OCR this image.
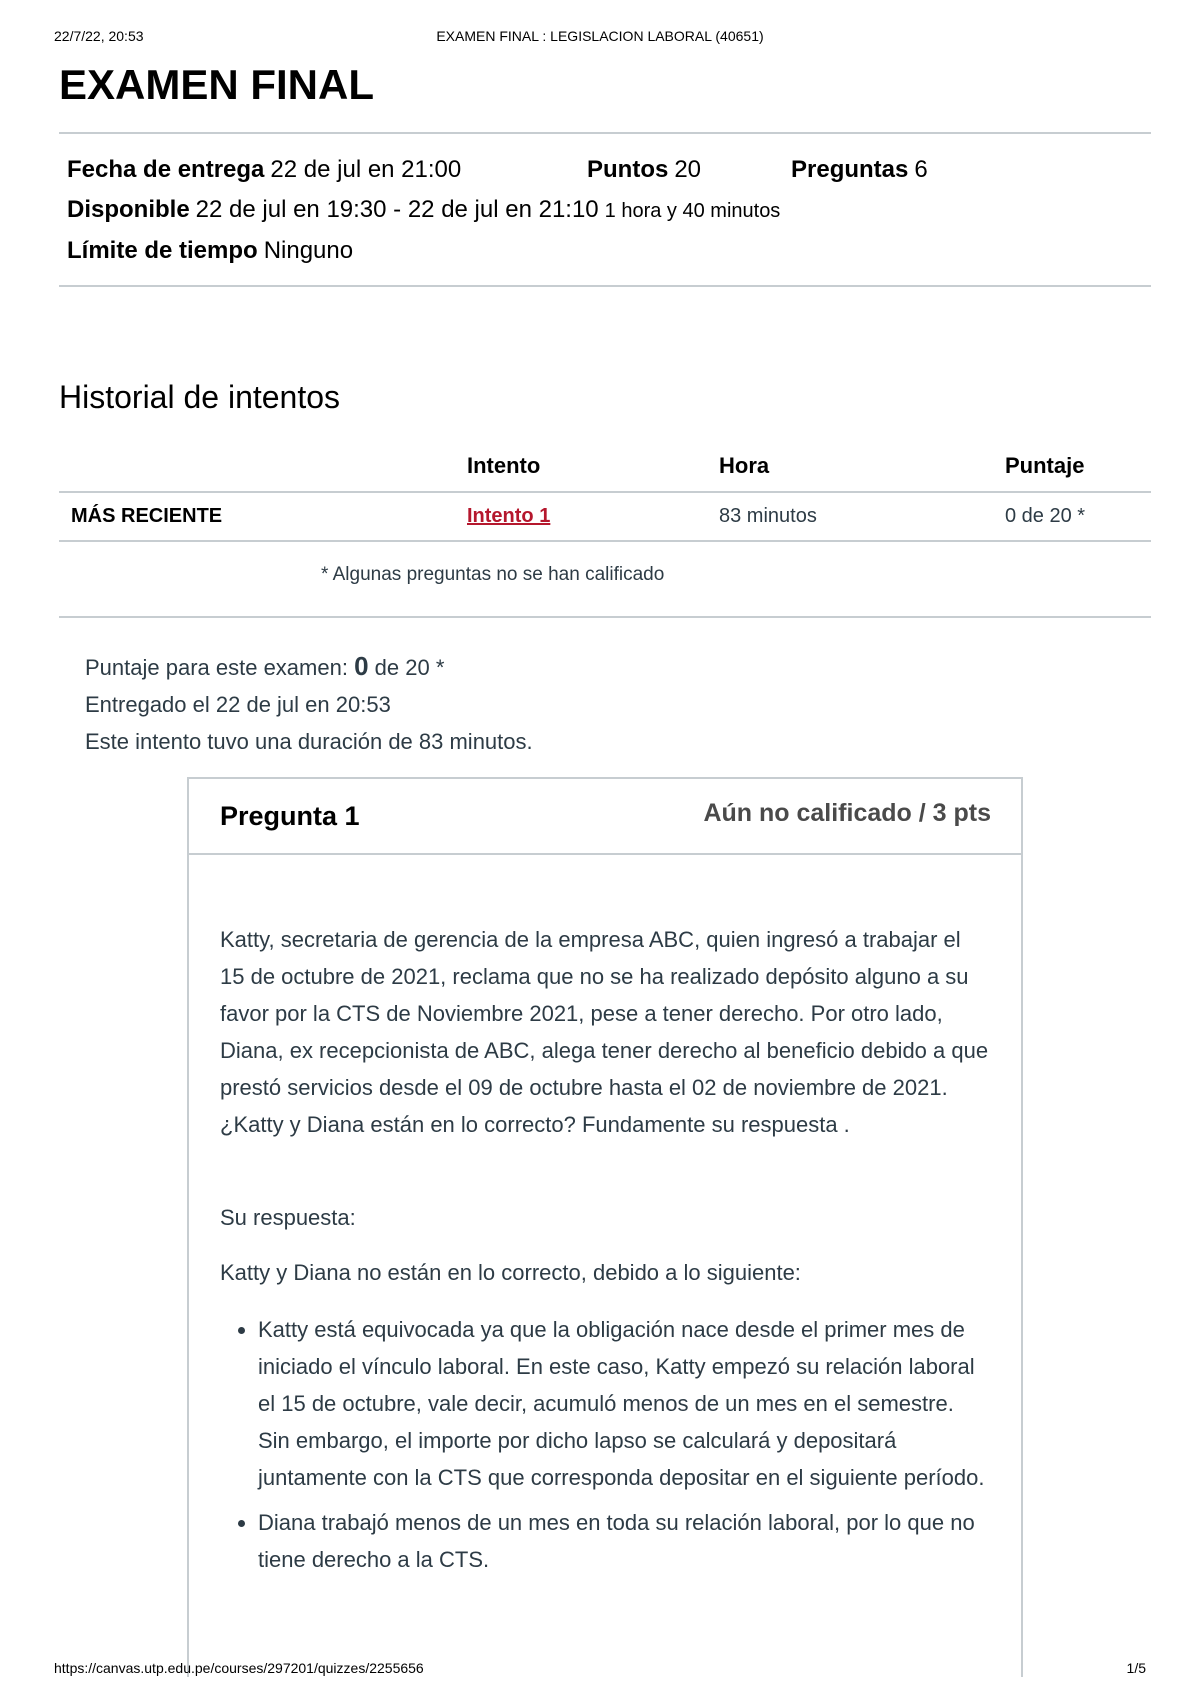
22/7/22, 20:53	EXAMEN FINAL : LEGISLACION LABORAL (40651)
EXAMEN FINAL
Fecha de entrega 22 de jul en 21:00	Puntos 20	Preguntas 6
Disponible 22 de jul en 19:30 - 22 de jul en 21:10 1 hora y 40 minutos
Límite de tiempo Ninguno
Historial de intentos
	Intento	Hora	Puntaje
MÁS RECIENTE	Intento 1	83 minutos	0 de 20 *
* Algunas preguntas no se han calificado
Puntaje para este examen: 0 de 20 *
Entregado el 22 de jul en 20:53
Este intento tuvo una duración de 83 minutos.
Pregunta 1	Aún no calificado / 3 pts

Katty, secretaria de gerencia de la empresa ABC, quien ingresó a trabajar el 15 de octubre de 2021, reclama que no se ha realizado depósito alguno a su favor por la CTS de Noviembre 2021, pese a tener derecho. Por otro lado, Diana, ex recepcionista de ABC, alega tener derecho al beneficio debido a que prestó servicios desde el 09 de octubre hasta el 02 de noviembre de 2021. ¿Katty y Diana están en lo correcto? Fundamente su respuesta .

Su respuesta:

Katty y Diana no están en lo correcto, debido a lo siguiente:

• Katty está equivocada ya que la obligación nace desde el primer mes de iniciado el vínculo laboral. En este caso, Katty empezó su relación laboral el 15 de octubre, vale decir, acumuló menos de un mes en el semestre. Sin embargo, el importe por dicho lapso se calculará y depositará juntamente con la CTS que corresponda depositar en el siguiente período.
• Diana trabajó menos de un mes en toda su relación laboral, por lo que no tiene derecho a la CTS.
https://canvas.utp.edu.pe/courses/297201/quizzes/2255656	1/5
